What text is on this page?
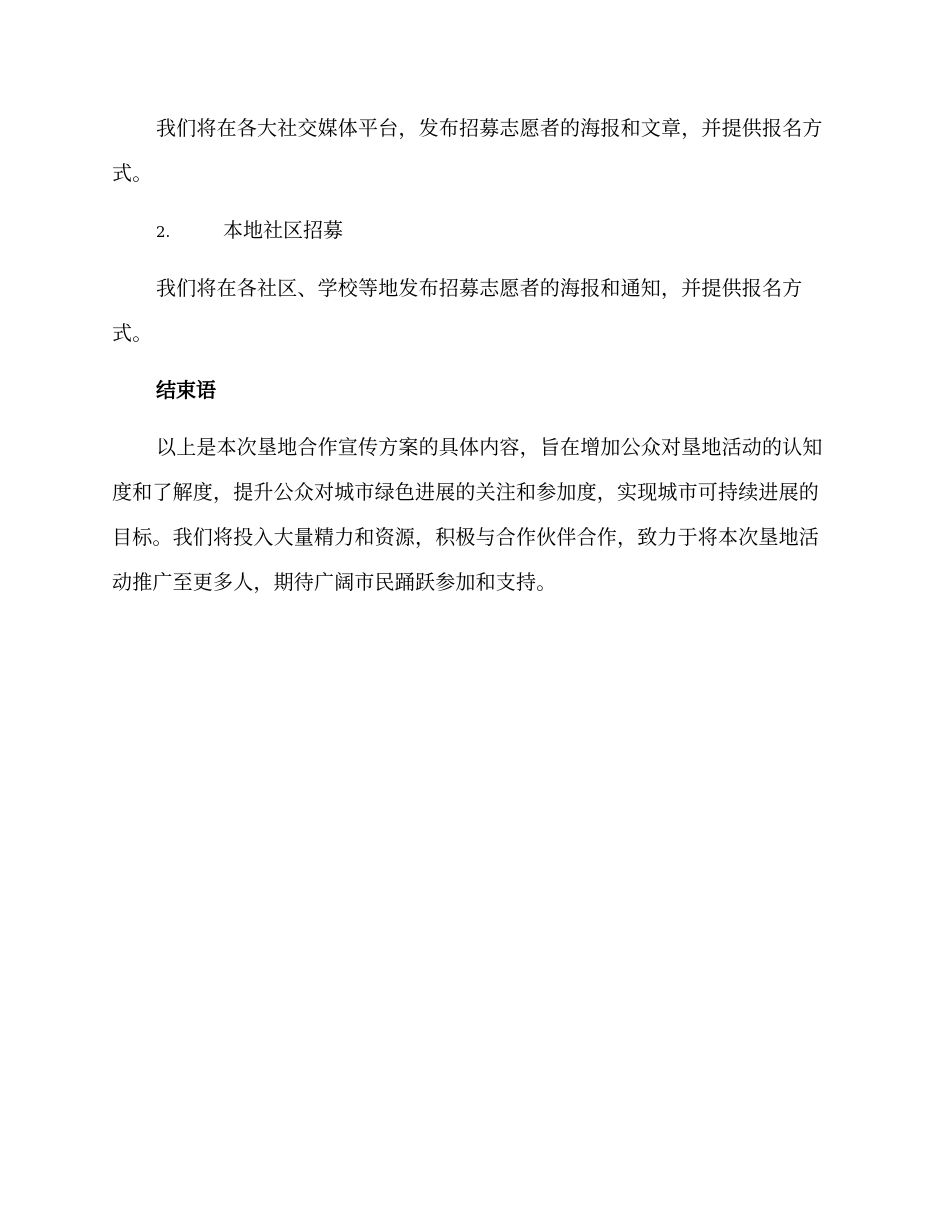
我们将在各大社交媒体平台，发布招募志愿者的海报和文章，并提供报名方式。

2.	本地社区招募

我们将在各社区、学校等地发布招募志愿者的海报和通知，并提供报名方式。

结束语

以上是本次垦地合作宣传方案的具体内容，旨在增加公众对垦地活动的认知度和了解度，提升公众对城市绿色进展的关注和参加度，实现城市可持续进展的目标。我们将投入大量精力和资源，积极与合作伙伴合作，致力于将本次垦地活动推广至更多人，期待广阔市民踊跃参加和支持。
